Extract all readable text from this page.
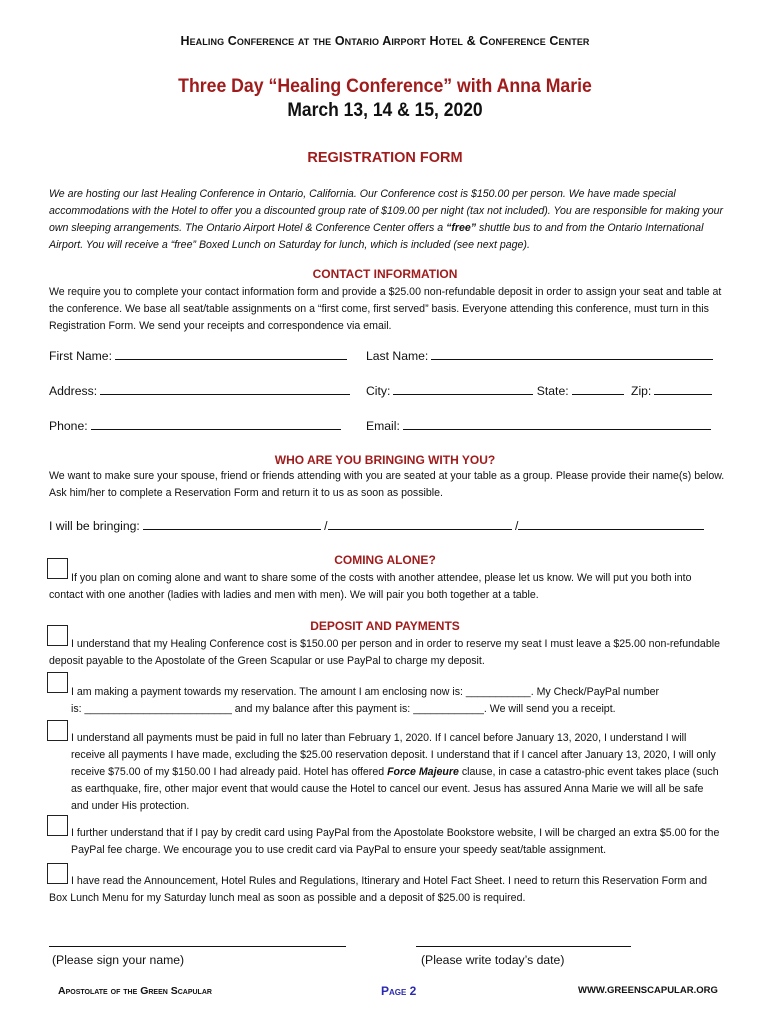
Healing Conference at the Ontario Airport Hotel & Conference Center
Three Day “Healing Conference” with Anna Marie
March 13, 14 & 15, 2020
REGISTRATION FORM
We are hosting our last Healing Conference in Ontario, California. Our Conference cost is $150.00 per person. We have made special accommodations with the Hotel to offer you a discounted group rate of $109.00 per night (tax not included). You are responsible for making your own sleeping arrangements. The Ontario Airport Hotel & Conference Center offers a “free” shuttle bus to and from the Ontario International Airport. You will receive a “free” Boxed Lunch on Saturday for lunch, which is included (see next page).
CONTACT INFORMATION
We require you to complete your contact information form and provide a $25.00 non-refundable deposit in order to assign your seat and table at the conference. We base all seat/table assignments on a “first come, first served” basis. Everyone attending this conference, must turn in this Registration Form. We send your receipts and correspondence via email.
First Name:	Last Name:
Address:	City:	State:	Zip:
Phone:	Email:
WHO ARE YOU BRINGING WITH YOU?
We want to make sure your spouse, friend or friends attending with you are seated at your table as a group. Please provide their name(s) below. Ask him/her to complete a Reservation Form and return it to us as soon as possible.
I will be bringing:	/	/
COMING ALONE?
If you plan on coming alone and want to share some of the costs with another attendee, please let us know. We will put you both into contact with one another (ladies with ladies and men with men). We will pair you both together at a table.
DEPOSIT AND PAYMENTS
I understand that my Healing Conference cost is $150.00 per person and in order to reserve my seat I must leave a $25.00 non-refundable deposit payable to the Apostolate of the Green Scapular or use PayPal to charge my deposit.
I am making a payment towards my reservation. The amount I am enclosing now is: ___________. My Check/PayPal number
is: _________________________ and my balance after this payment is: ____________. We will send you a receipt.
I understand all payments must be paid in full no later than February 1, 2020. If I cancel before January 13, 2020, I understand I will receive all payments I have made, excluding the $25.00 reservation deposit. I understand that if I cancel after January 13, 2020, I will only receive $75.00 of my $150.00 I had already paid. Hotel has offered Force Majeure clause, in case a catastro-phic event takes place (such as earthquake, fire, other major event that would cause the Hotel to cancel our event. Jesus has assured Anna Marie we will all be safe and under His protection.
I further understand that if I pay by credit card using PayPal from the Apostolate Bookstore website, I will be charged an extra $5.00 for the PayPal fee charge. We encourage you to use credit card via PayPal to ensure your speedy seat/table assignment.
I have read the Announcement, Hotel Rules and Regulations, Itinerary and Hotel Fact Sheet. I need to return this Reservation Form and Box Lunch Menu for my Saturday lunch meal as soon as possible and a deposit of $25.00 is required.
(Please sign your name)	(Please write today’s date)
Apostolate of the Green Scapular	Page 2	WWW.GREENSCAPULAR.ORG
